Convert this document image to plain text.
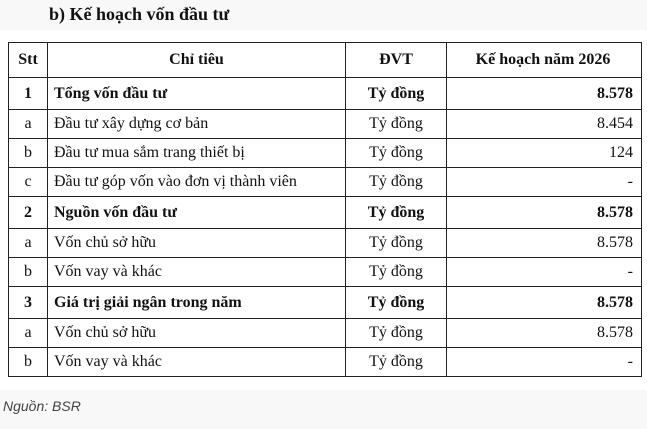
b) Kế hoạch vốn đầu tư
Stt	Chỉ tiêu	ĐVT	Kế hoạch năm 2026
1	Tổng vốn đầu tư	Tỷ đồng	8.578
a	Đầu tư xây dựng cơ bản	Tỷ đồng	8.454
b	Đầu tư mua sắm trang thiết bị	Tỷ đồng	124
c	Đầu tư góp vốn vào đơn vị thành viên	Tỷ đồng	-
2	Nguồn vốn đầu tư	Tỷ đồng	8.578
a	Vốn chủ sở hữu	Tỷ đồng	8.578
b	Vốn vay và khác	Tỷ đồng	-
3	Giá trị giải ngân trong năm	Tỷ đồng	8.578
a	Vốn chủ sở hữu	Tỷ đồng	8.578
b	Vốn vay và khác	Tỷ đồng	-
Nguồn: BSR
